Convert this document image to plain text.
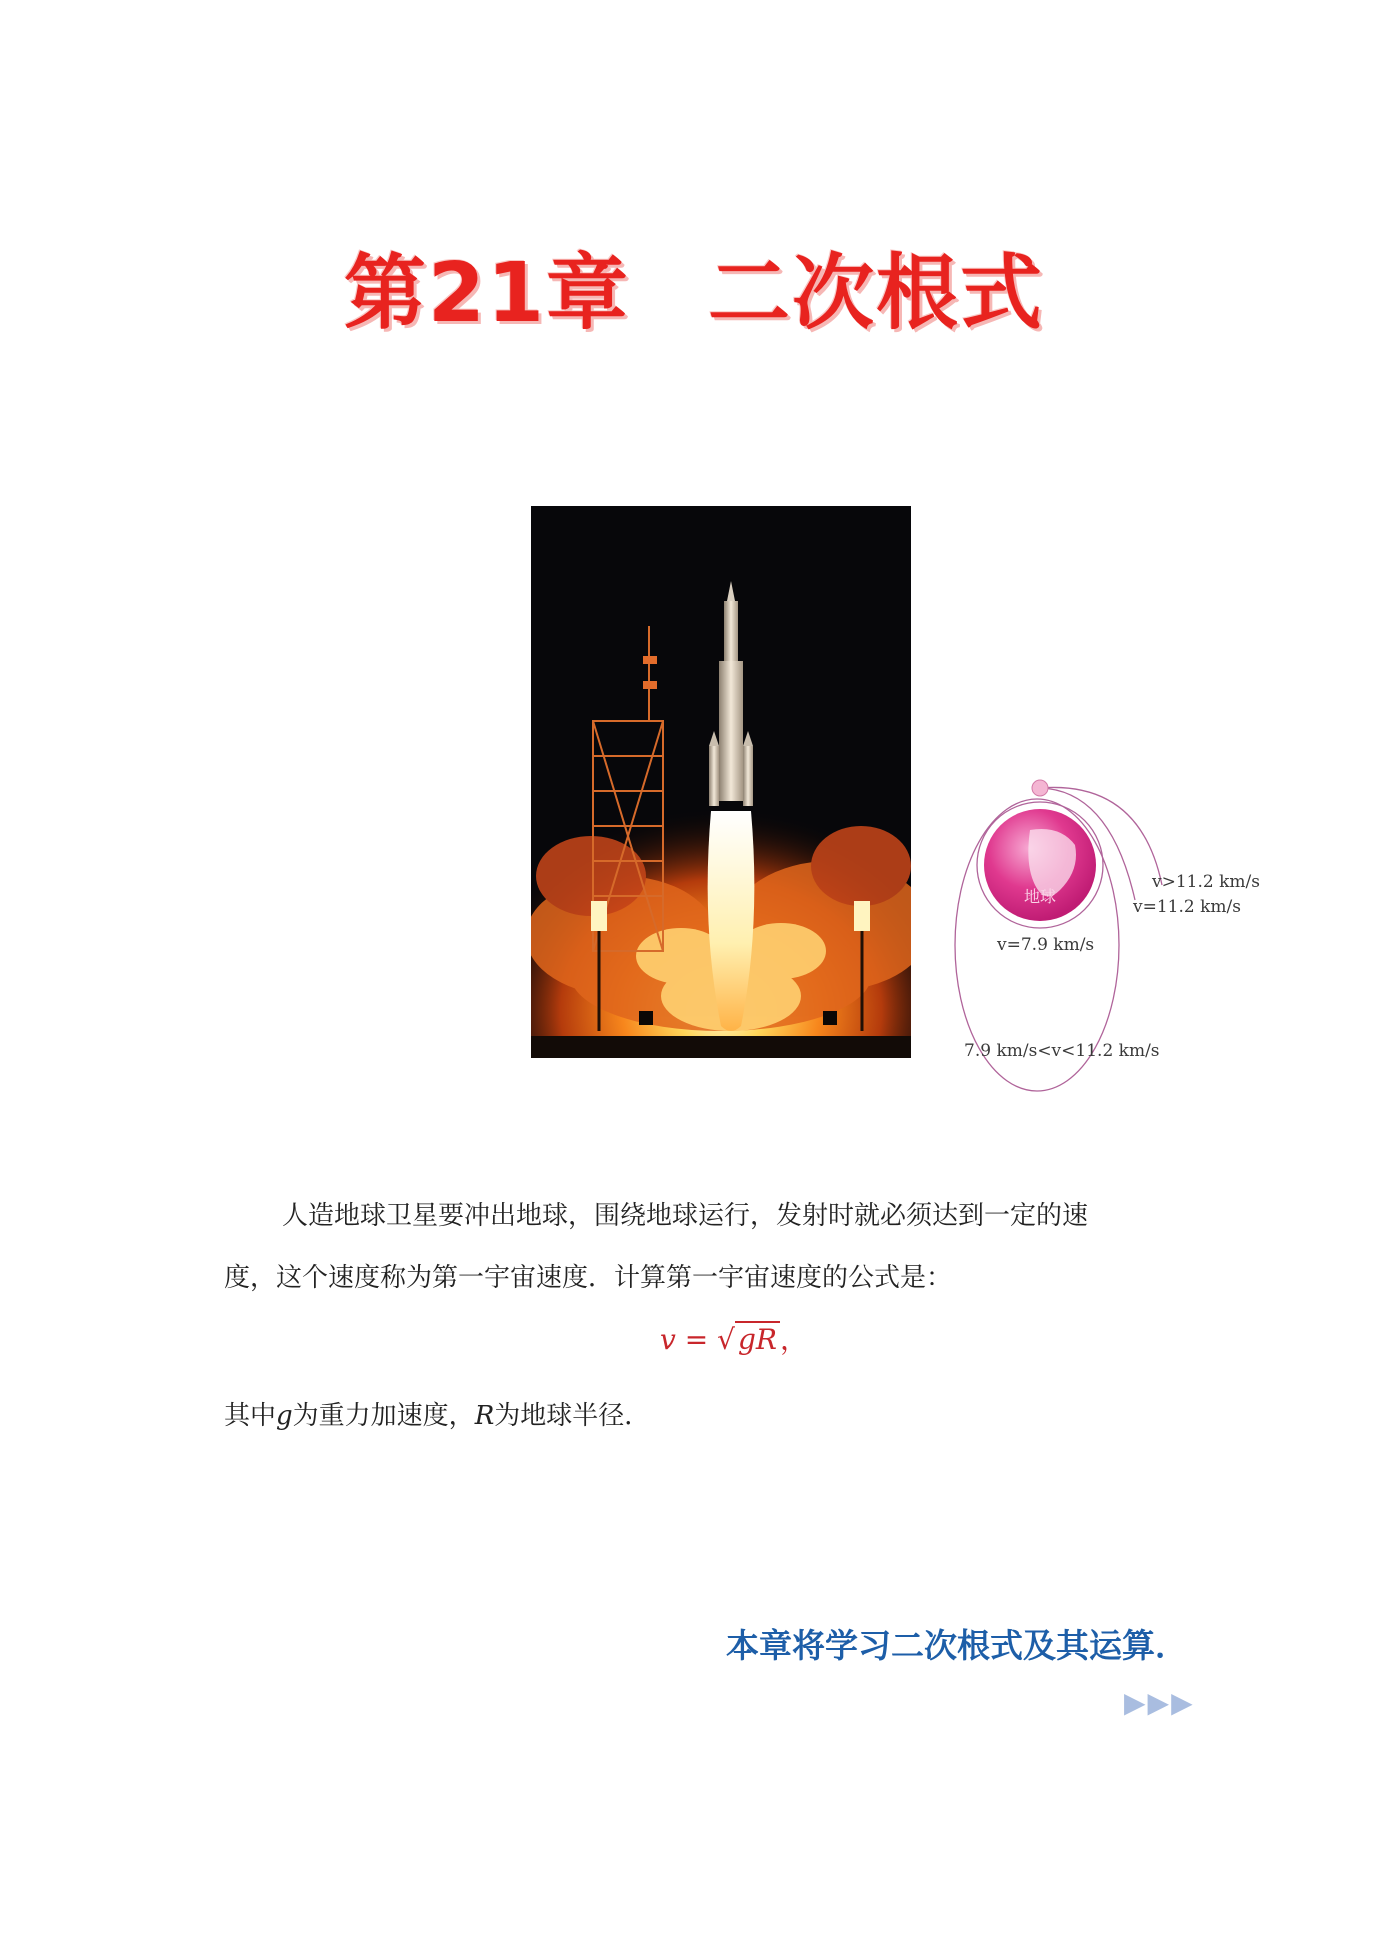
第21章 二次根式
地球
v>11.2 km/s
v=11.2 km/s
v=7.9 km/s
7.9 km/s<v<11.2 km/s
人造地球卫星要冲出地球，围绕地球运行，发射时就必须达到一定的速
度，这个速度称为第一宇宙速度．计算第一宇宙速度的公式是：
v = √ gR ，
其中g为重力加速度，R为地球半径．
本章将学习二次根式及其运算．
▶▶▶
